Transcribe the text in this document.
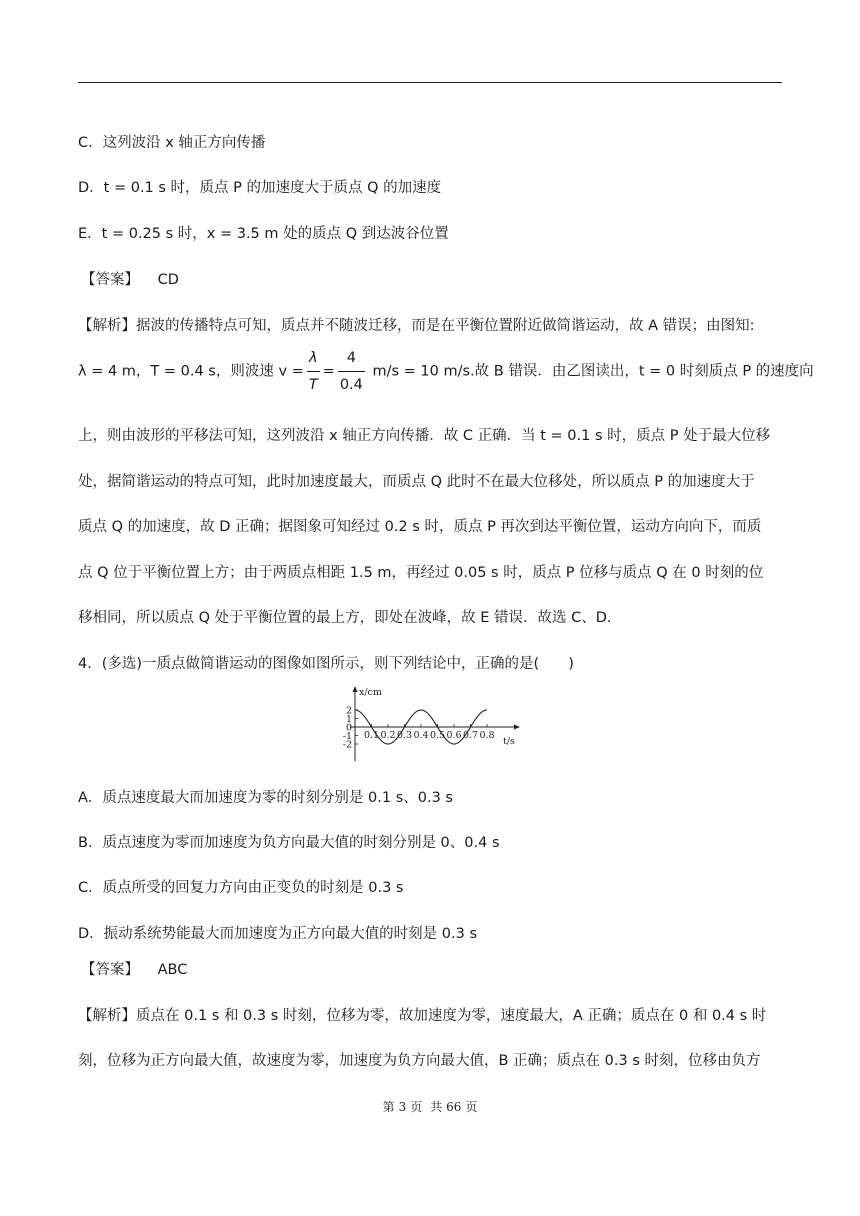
C．这列波沿 x 轴正方向传播
D．t = 0.1 s 时，质点 P 的加速度大于质点 Q 的加速度
E．t = 0.25 s 时，x = 3.5 m 处的质点 Q 到达波谷位置
【答案】 CD
【解析】据波的传播特点可知，质点并不随波迁移，而是在平衡位置附近做简谐运动，故 A 错误；由图知:
λ = 4 m，T = 0.4 s，则波速 $v = \frac{\lambda}{T} = \frac{4}{0.4} m/s = 10$ m/s.故 B 错误．由乙图读出，t = 0 时刻质点 P 的速度向
上，则由波形的平移法可知，这列波沿 x 轴正方向传播．故 C 正确．当 t = 0.1 s 时，质点 P 处于最大位移
处，据简谐运动的特点可知，此时加速度最大，而质点 Q 此时不在最大位移处，所以质点 P 的加速度大于
质点 Q 的加速度，故 D 正确；据图象可知经过 0.2 s 时，质点 P 再次到达平衡位置，运动方向向下，而质
点 Q 位于平衡位置上方；由于两质点相距 1.5 m，再经过 0.05 s 时，质点 P 位移与质点 Q 在 0 时刻的位
移相同，所以质点 Q 处于平衡位置的最上方，即处在波峰，故 E 错误．故选 C、D.
4．(多选)一质点做简谐运动的图像如图所示，则下列结论中，正确的是(　　)
x/cm
t/s
2
1
0
-1
-2
0.1 0.2 0.3 0.4 0.5 0.6 0.7 0.8
A．质点速度最大而加速度为零的时刻分别是 0.1 s、0.3 s
B．质点速度为零而加速度为负方向最大值的时刻分别是 0、0.4 s
C．质点所受的回复力方向由正变负的时刻是 0.3 s
D．振动系统势能最大而加速度为正方向最大值的时刻是 0.3 s
【答案】 ABC
【解析】质点在 0.1 s 和 0.3 s 时刻，位移为零，故加速度为零，速度最大，A 正确；质点在 0 和 0.4 s 时
刻，位移为正方向最大值，故速度为零，加速度为负方向最大值，B 正确；质点在 0.3 s 时刻，位移由负方
第 3 页 共 66 页
